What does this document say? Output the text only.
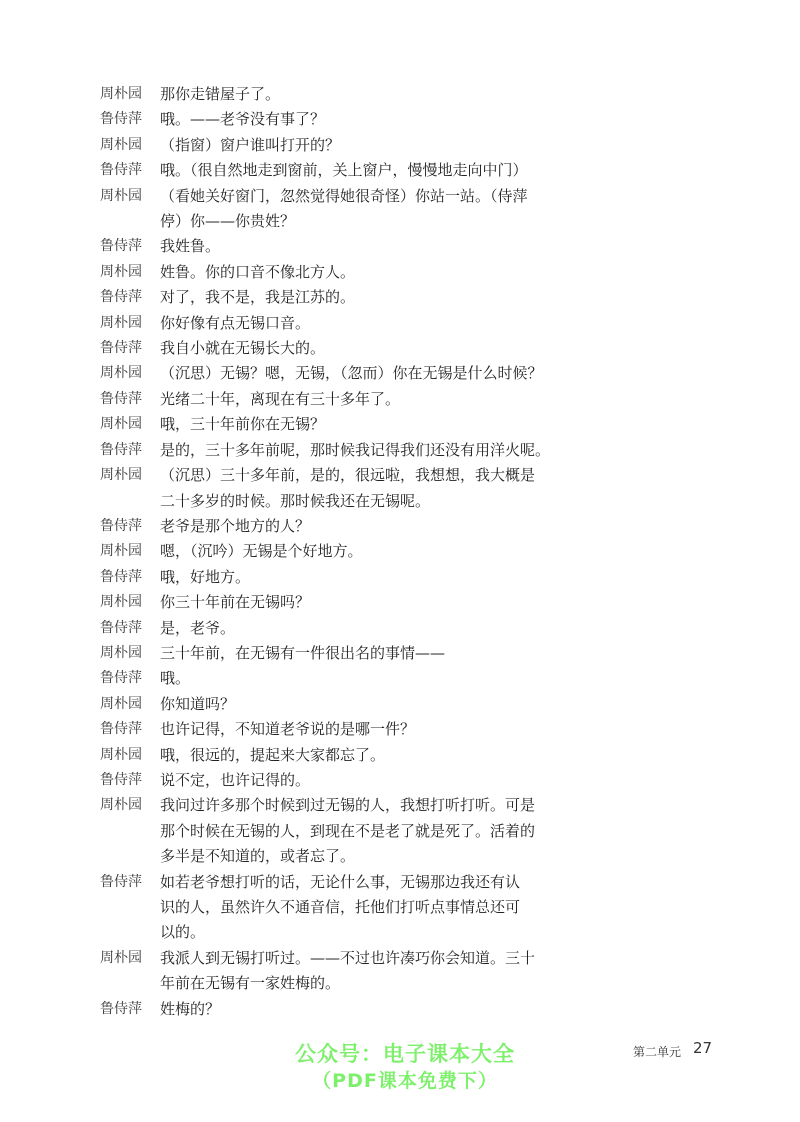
周朴园	那你走错屋子了。
鲁侍萍	哦。——老爷没有事了？
周朴园	（指窗）窗户谁叫打开的？
鲁侍萍	哦。（很自然地走到窗前，关上窗户，慢慢地走向中门）
周朴园	（看她关好窗门，忽然觉得她很奇怪）你站一站。（侍萍
停）你——你贵姓？
鲁侍萍	我姓鲁。
周朴园	姓鲁。你的口音不像北方人。
鲁侍萍	对了，我不是，我是江苏的。
周朴园	你好像有点无锡口音。
鲁侍萍	我自小就在无锡长大的。
周朴园	（沉思）无锡？嗯，无锡，（忽而）你在无锡是什么时候？
鲁侍萍	光绪二十年，离现在有三十多年了。
周朴园	哦，三十年前你在无锡？
鲁侍萍	是的，三十多年前呢，那时候我记得我们还没有用洋火呢。
周朴园	（沉思）三十多年前，是的，很远啦，我想想，我大概是
二十多岁的时候。那时候我还在无锡呢。
鲁侍萍	老爷是那个地方的人？
周朴园	嗯，（沉吟）无锡是个好地方。
鲁侍萍	哦，好地方。
周朴园	你三十年前在无锡吗？
鲁侍萍	是，老爷。
周朴园	三十年前，在无锡有一件很出名的事情——
鲁侍萍	哦。
周朴园	你知道吗？
鲁侍萍	也许记得，不知道老爷说的是哪一件？
周朴园	哦，很远的，提起来大家都忘了。
鲁侍萍	说不定，也许记得的。
周朴园	我问过许多那个时候到过无锡的人，我想打听打听。可是
那个时候在无锡的人，到现在不是老了就是死了。活着的
多半是不知道的，或者忘了。
鲁侍萍	如若老爷想打听的话，无论什么事，无锡那边我还有认
识的人，虽然许久不通音信，托他们打听点事情总还可
以的。
周朴园	我派人到无锡打听过。——不过也许凑巧你会知道。三十
年前在无锡有一家姓梅的。
鲁侍萍	姓梅的？
公众号：电子课本大全
（PDF课本免费下）
第二单元 27
